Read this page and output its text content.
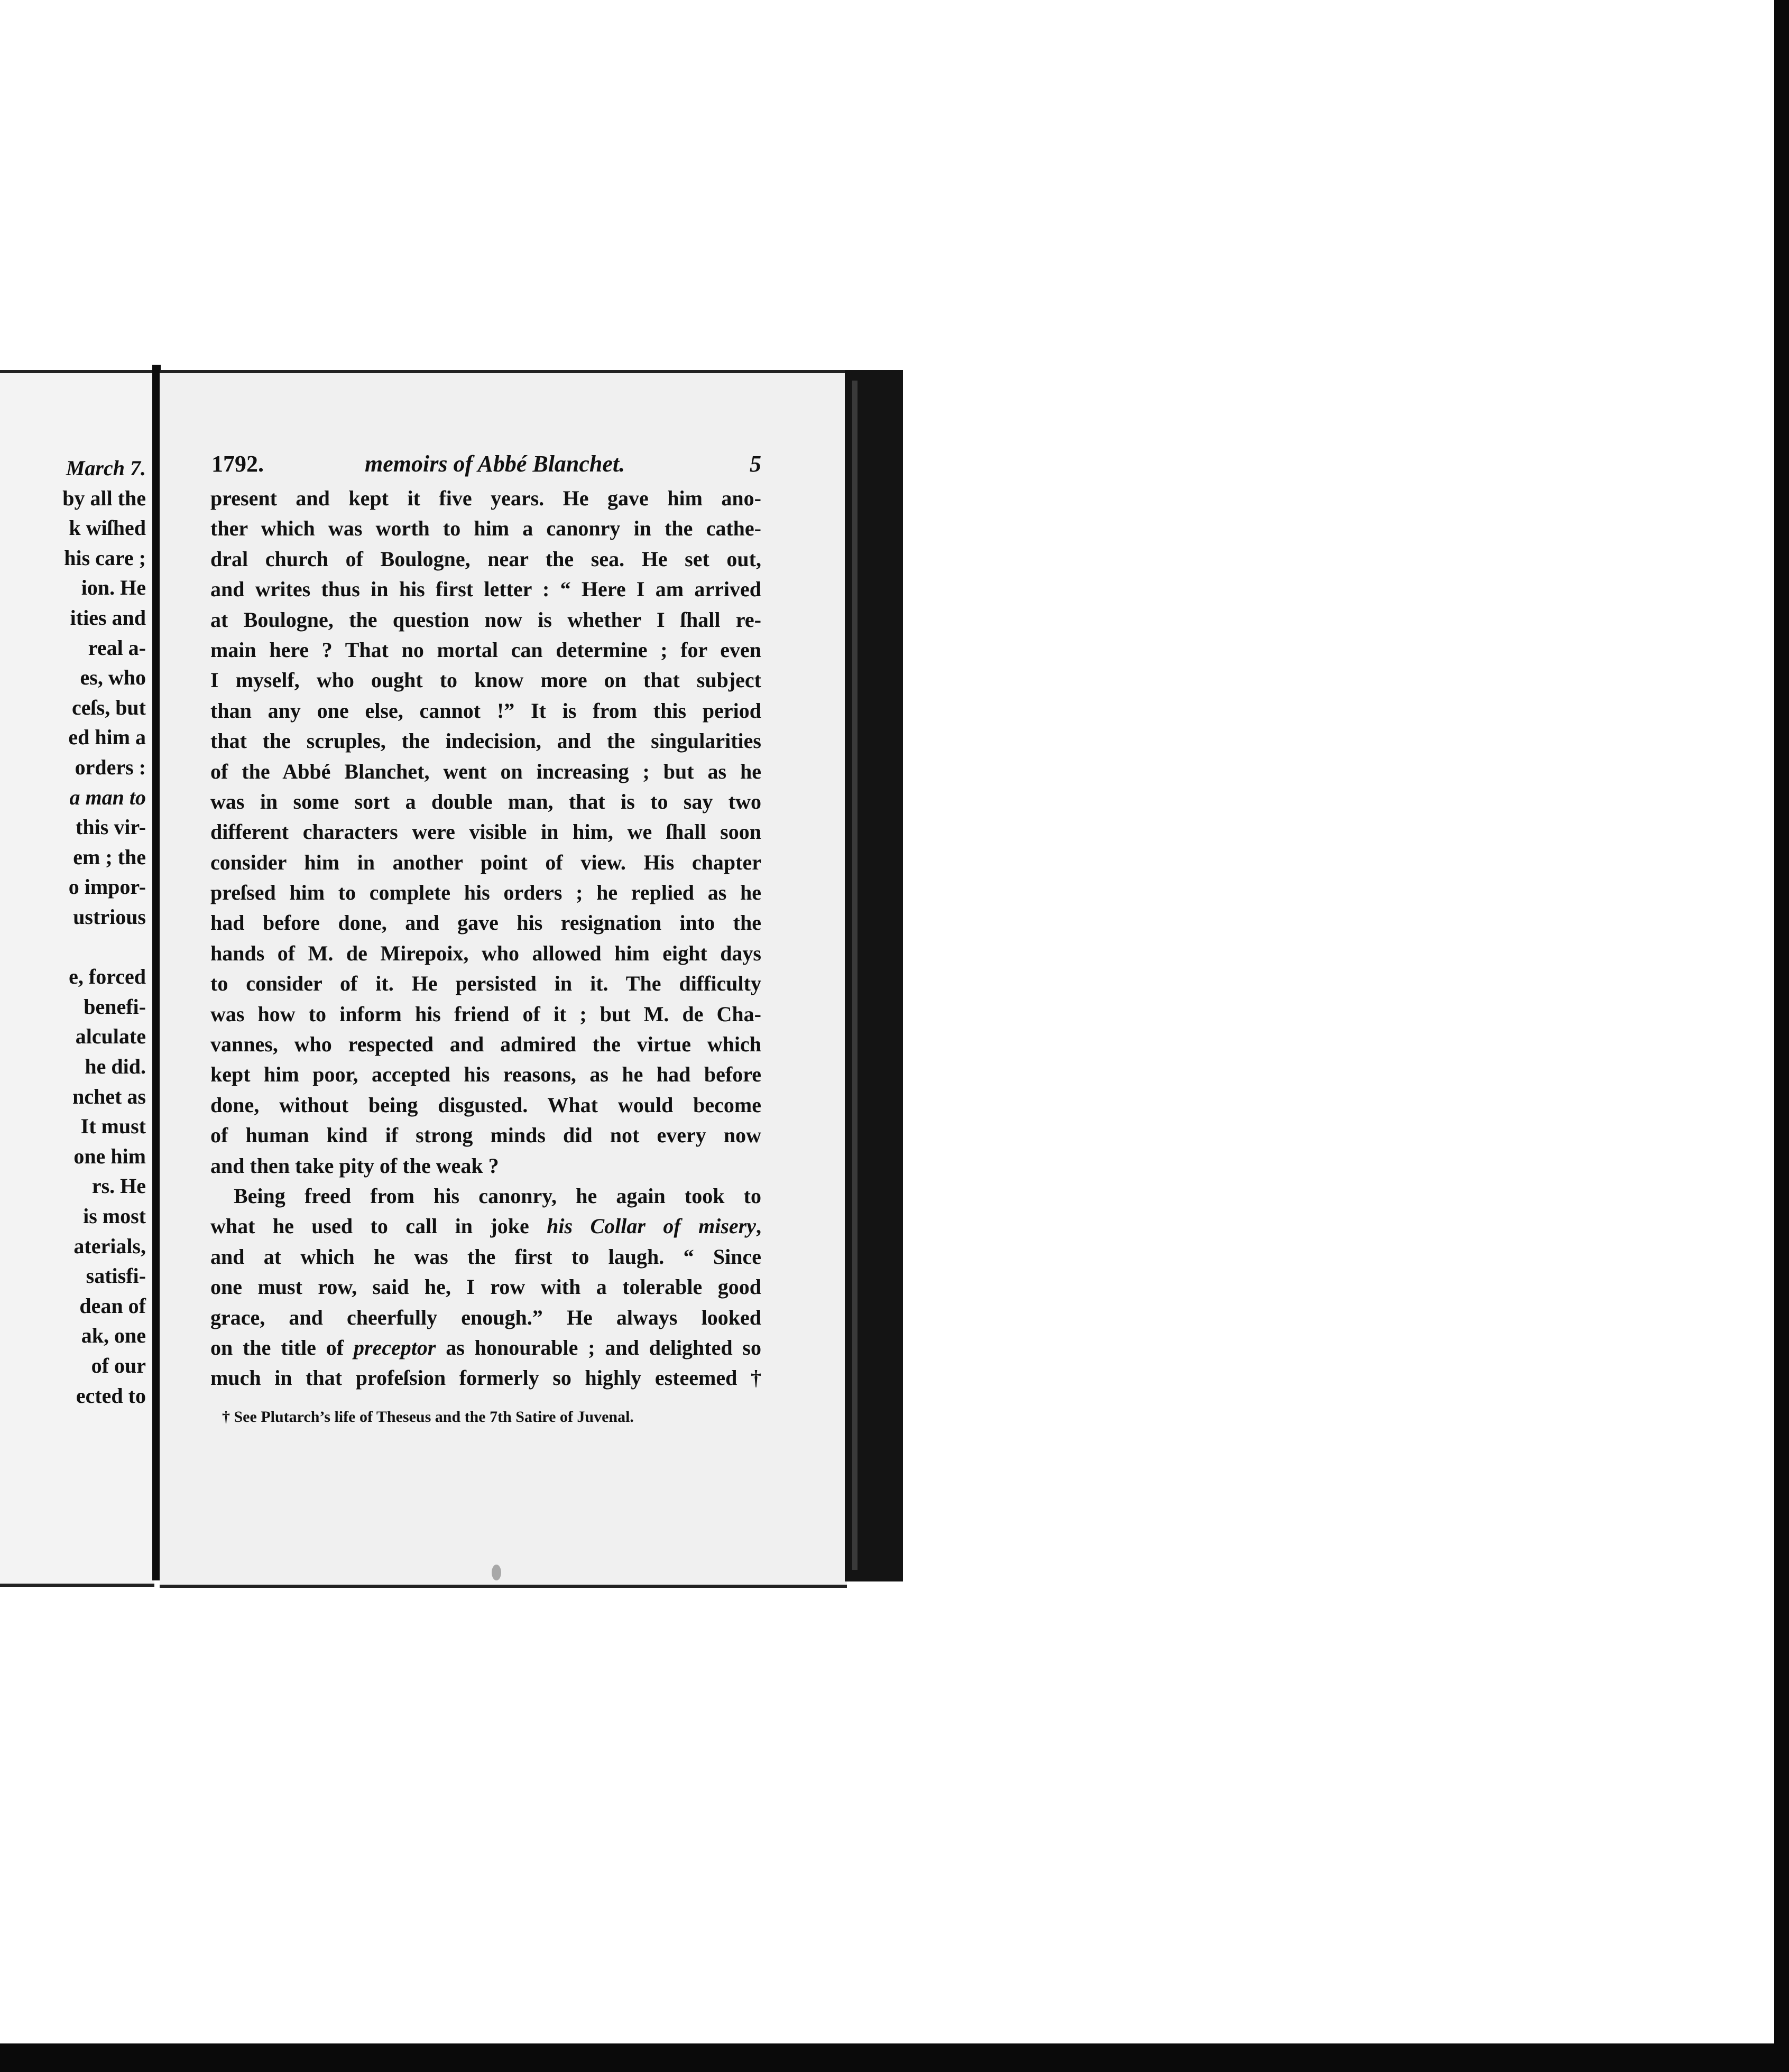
March 7.
by all the
k wiſhed
his care ;
ion. He
ities and
real a-
es, who
ceſs, but
ed him a
orders :
a man to
this vir-
em ; the
o impor-
ustrious
e, forced
benefi-
alculate
he did.
nchet as
It must
one him
rs. He
is most
aterials,
satisfi-
dean of
ak, one
of our
ected to
1792.	memoirs of Abbé Blanchet.	5
present and kept it five years. He gave him ano-
ther which was worth to him a canonry in the cathe-
dral church of Boulogne, near the sea. He set out,
and writes thus in his first letter : “ Here I am arrived
at Boulogne, the question now is whether I ſhall re-
main here ? That no mortal can determine ; for even
I myself, who ought to know more on that subject
than any one else, cannot !” It is from this period
that the scruples, the indecision, and the singularities
of the Abbé Blanchet, went on increasing ; but as he
was in some sort a double man, that is to say two
different characters were visible in him, we ſhall soon
consider him in another point of view. His chapter
preſsed him to complete his orders ; he replied as he
had before done, and gave his resignation into the
hands of M. de Mirepoix, who allowed him eight days
to consider of it. He persisted in it. The difficulty
was how to inform his friend of it ; but M. de Cha-
vannes, who respected and admired the virtue which
kept him poor, accepted his reasons, as he had before
done, without being disgusted. What would become
of human kind if strong minds did not every now
and then take pity of the weak ?
Being freed from his canonry, he again took to
what he used to call in joke his Collar of misery,
and at which he was the first to laugh. “ Since
one must row, said he, I row with a tolerable good
grace, and cheerfully enough.” He always looked
on the title of preceptor as honourable ; and delighted so
much in that profeſsion formerly so highly esteemed †
† See Plutarch’s life of Theseus and the 7th Satire of Juvenal.
